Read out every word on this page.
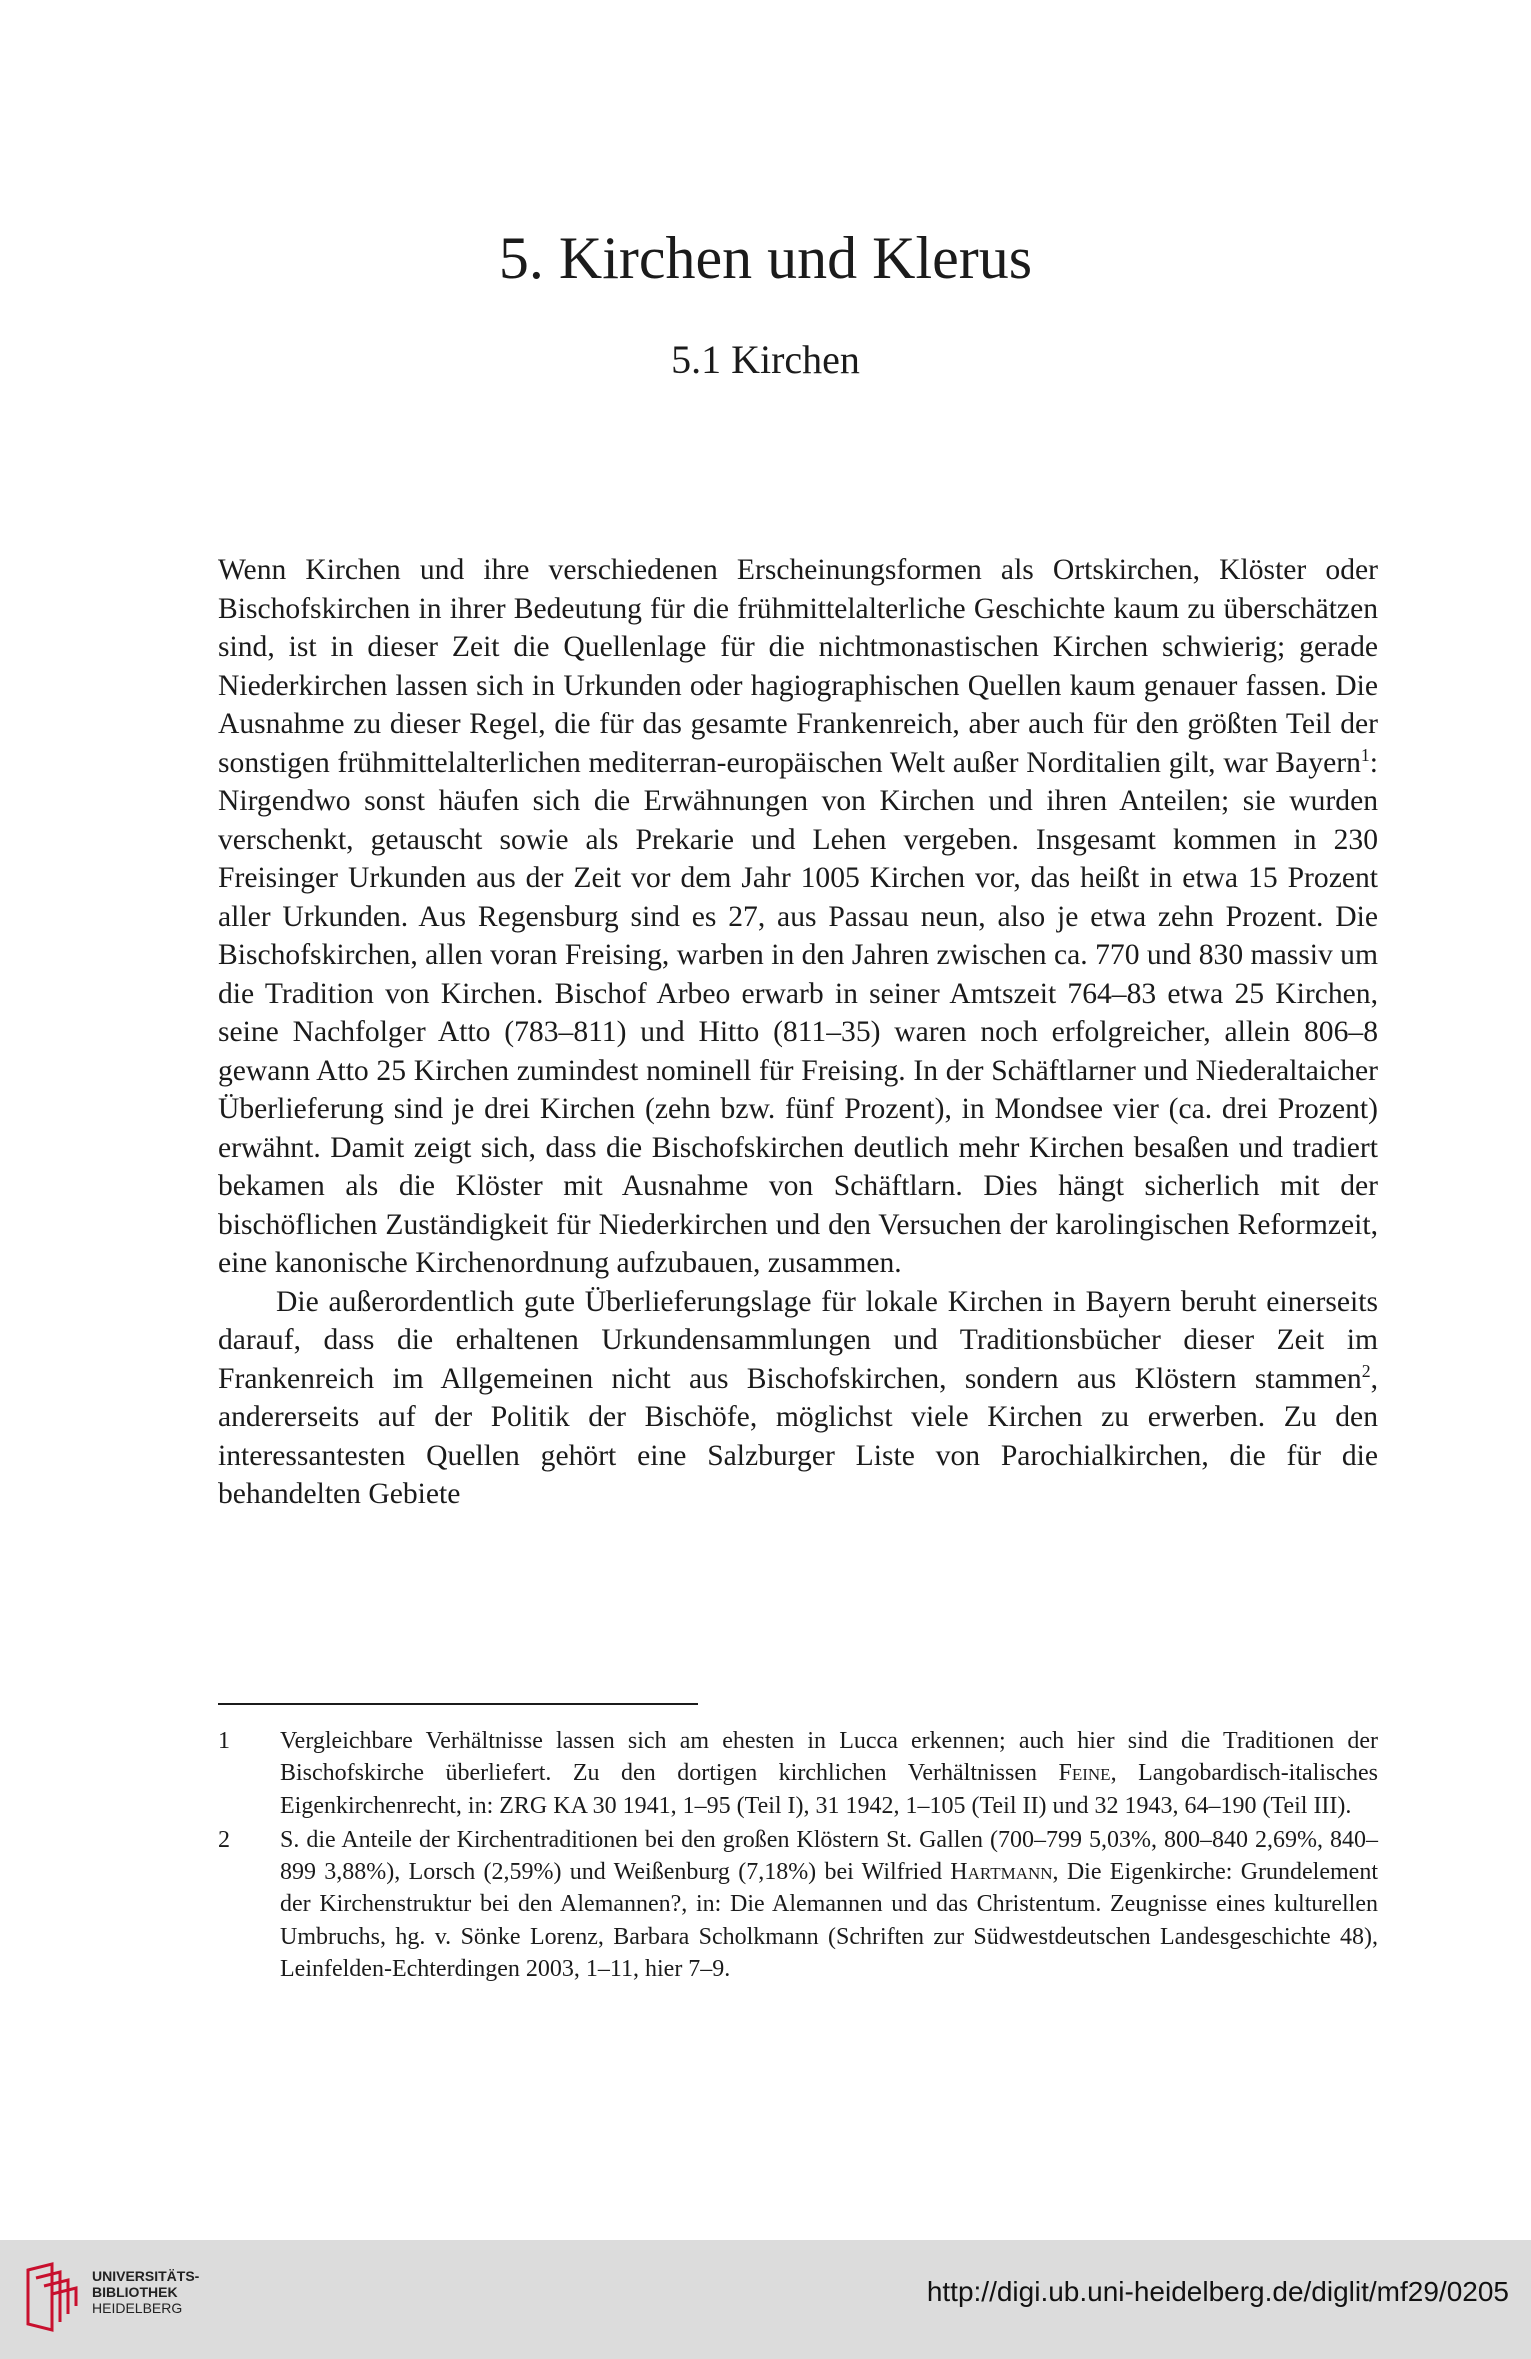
5. Kirchen und Klerus
5.1 Kirchen

Wenn Kirchen und ihre verschiedenen Erscheinungsformen als Ortskirchen, Klöster oder Bischofskirchen in ihrer Bedeutung für die frühmittelalterliche Geschichte kaum zu überschätzen sind, ist in dieser Zeit die Quellenlage für die nichtmonastischen Kirchen schwierig; gerade Niederkirchen lassen sich in Urkunden oder hagiographischen Quellen kaum genauer fassen. Die Ausnahme zu dieser Regel, die für das gesamte Frankenreich, aber auch für den größten Teil der sonstigen frühmittelalterlichen mediterran-europäischen Welt außer Norditalien gilt, war Bayern$^1$: Nirgendwo sonst häufen sich die Erwähnungen von Kirchen und ihren Anteilen; sie wurden verschenkt, getauscht sowie als Prekarie und Lehen vergeben. Insgesamt kommen in 230 Freisinger Urkunden aus der Zeit vor dem Jahr 1005 Kirchen vor, das heißt in etwa 15 Prozent aller Urkunden. Aus Regensburg sind es 27, aus Passau neun, also je etwa zehn Prozent. Die Bischofskirchen, allen voran Freising, warben in den Jahren zwischen ca. 770 und 830 massiv um die Tradition von Kirchen. Bischof Arbeo erwarb in seiner Amtszeit 764–83 etwa 25 Kirchen, seine Nachfolger Atto (783–811) und Hitto (811–35) waren noch erfolgreicher, allein 806–8 gewann Atto 25 Kirchen zumindest nominell für Freising. In der Schäftlarner und Niederaltaicher Überlieferung sind je drei Kirchen (zehn bzw. fünf Prozent), in Mondsee vier (ca. drei Prozent) erwähnt. Damit zeigt sich, dass die Bischofskirchen deutlich mehr Kirchen besaßen und tradiert bekamen als die Klöster mit Ausnahme von Schäftlarn. Dies hängt sicherlich mit der bischöflichen Zuständigkeit für Niederkirchen und den Versuchen der karolingischen Reformzeit, eine kanonische Kirchenordnung aufzubauen, zusammen.

Die außerordentlich gute Überlieferungslage für lokale Kirchen in Bayern beruht einerseits darauf, dass die erhaltenen Urkundensammlungen und Traditionsbücher dieser Zeit im Frankenreich im Allgemeinen nicht aus Bischofskirchen, sondern aus Klöstern stammen$^2$, andererseits auf der Politik der Bischöfe, möglichst viele Kirchen zu erwerben. Zu den interessantesten Quellen gehört eine Salzburger Liste von Parochialkirchen, die für die behandelten Gebiete

1	Vergleichbare Verhältnisse lassen sich am ehesten in Lucca erkennen; auch hier sind die Traditionen der Bischofskirche überliefert. Zu den dortigen kirchlichen Verhältnissen Feine, Langobardisch-italisches Eigenkirchenrecht, in: ZRG KA 30 1941, 1–95 (Teil I), 31 1942, 1–105 (Teil II) und 32 1943, 64–190 (Teil III).
2	S. die Anteile der Kirchentraditionen bei den großen Klöstern St. Gallen (700–799 5,03%, 800–840 2,69%, 840–899 3,88%), Lorsch (2,59%) und Weißenburg (7,18%) bei Wilfried Hartmann, Die Eigenkirche: Grundelement der Kirchenstruktur bei den Alemannen?, in: Die Alemannen und das Christentum. Zeugnisse eines kulturellen Umbruchs, hg. v. Sönke Lorenz, Barbara Scholkmann (Schriften zur Südwestdeutschen Landesgeschichte 48), Leinfelden-Echterdingen 2003, 1–11, hier 7–9.
UNIVERSITÄTS-
BIBLIOTHEK
HEIDELBERG
http://digi.ub.uni-heidelberg.de/diglit/mf29/0205
